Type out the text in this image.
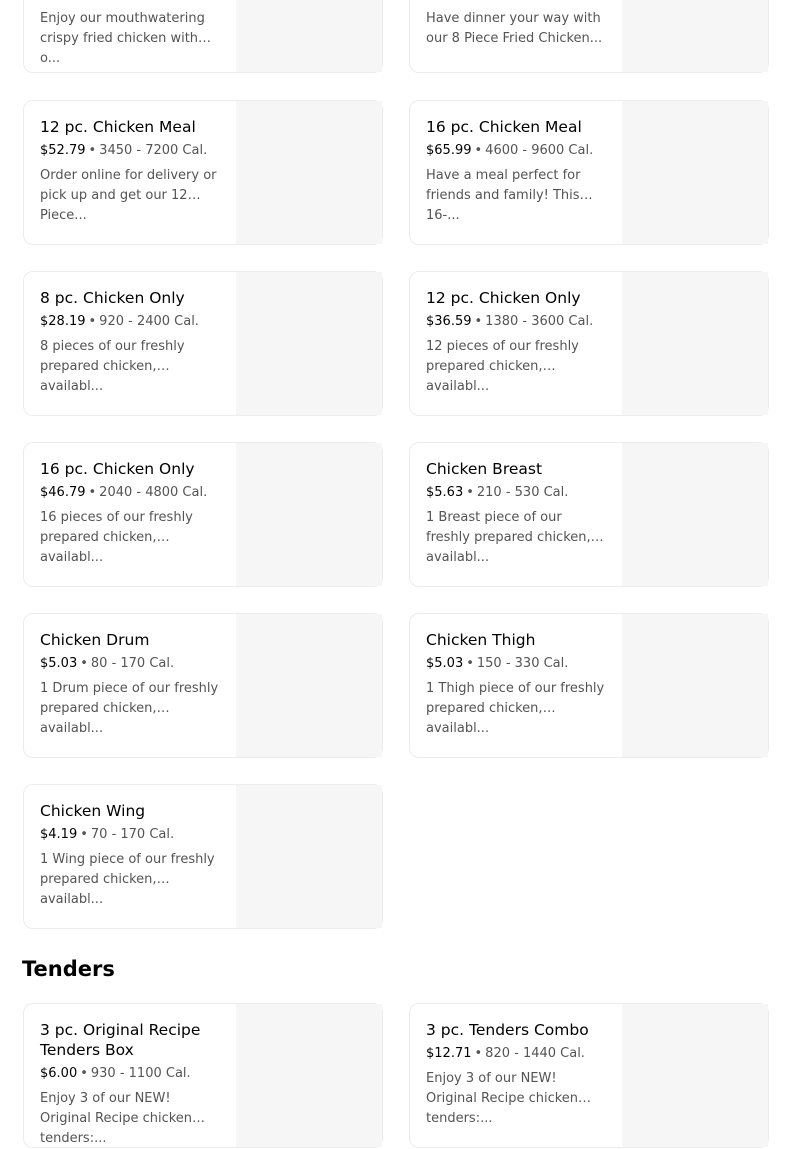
Enjoy our mouthwatering crispy fried chicken with o...
Have dinner your way with our 8 Piece Fried Chicken...
12 pc. Chicken Meal
$52.79 • 3450 - 7200 Cal.
Order online for delivery or pick up and get our 12 Piece...
16 pc. Chicken Meal
$65.99 • 4600 - 9600 Cal.
Have a meal perfect for friends and family! This 16-...
8 pc. Chicken Only
$28.19 • 920 - 2400 Cal.
8 pieces of our freshly prepared chicken, availabl...
12 pc. Chicken Only
$36.59 • 1380 - 3600 Cal.
12 pieces of our freshly prepared chicken, availabl...
16 pc. Chicken Only
$46.79 • 2040 - 4800 Cal.
16 pieces of our freshly prepared chicken, availabl...
Chicken Breast
$5.63 • 210 - 530 Cal.
1 Breast piece of our freshly prepared chicken, availabl...
Chicken Drum
$5.03 • 80 - 170 Cal.
1 Drum piece of our freshly prepared chicken, availabl...
Chicken Thigh
$5.03 • 150 - 330 Cal.
1 Thigh piece of our freshly prepared chicken, availabl...
Chicken Wing
$4.19 • 70 - 170 Cal.
1 Wing piece of our freshly prepared chicken, availabl...
Tenders
3 pc. Original Recipe Tenders Box
$6.00 • 930 - 1100 Cal.
Enjoy 3 of our NEW! Original Recipe chicken tenders:...
3 pc. Tenders Combo
$12.71 • 820 - 1440 Cal.
Enjoy 3 of our NEW! Original Recipe chicken tenders:...
